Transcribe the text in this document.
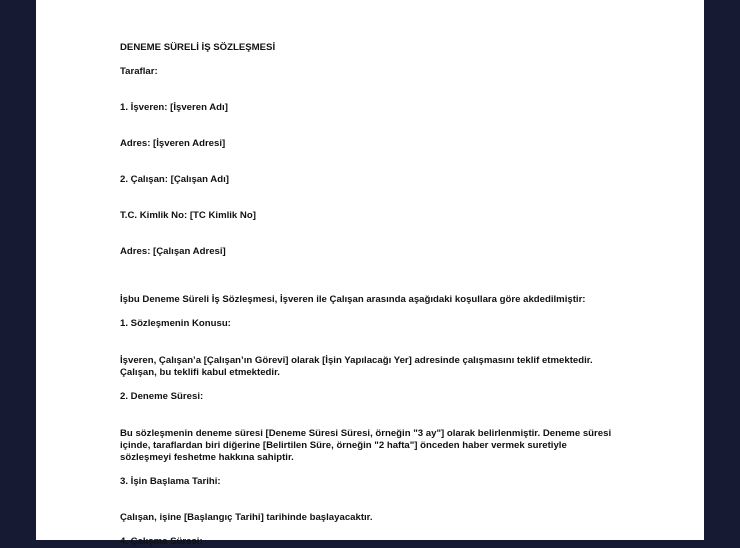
DENEME SÜRELİ İŞ SÖZLEŞMESİ

Taraflar:

1. İşveren: [İşveren Adı]

Adres: [İşveren Adresi]

2. Çalışan: [Çalışan Adı]

T.C. Kimlik No: [TC Kimlik No]

Adres: [Çalışan Adresi]

İşbu Deneme Süreli İş Sözleşmesi, İşveren ile Çalışan arasında aşağıdaki koşullara göre akdedilmiştir:

1. Sözleşmenin Konusu:

İşveren, Çalışan’a [Çalışan’ın Görevi] olarak [İşin Yapılacağı Yer] adresinde çalışmasını teklif etmektedir.

Çalışan, bu teklifi kabul etmektedir.

2. Deneme Süresi:

Bu sözleşmenin deneme süresi [Deneme Süresi Süresi, örneğin "3 ay"] olarak belirlenmiştir. Deneme süresi

içinde, taraflardan biri diğerine [Belirtilen Süre, örneğin "2 hafta"] önceden haber vermek suretiyle

sözleşmeyi feshetme hakkına sahiptir.

3. İşin Başlama Tarihi:

Çalışan, işine [Başlangıç Tarihi] tarihinde başlayacaktır.

4. Çalışma Süresi:
